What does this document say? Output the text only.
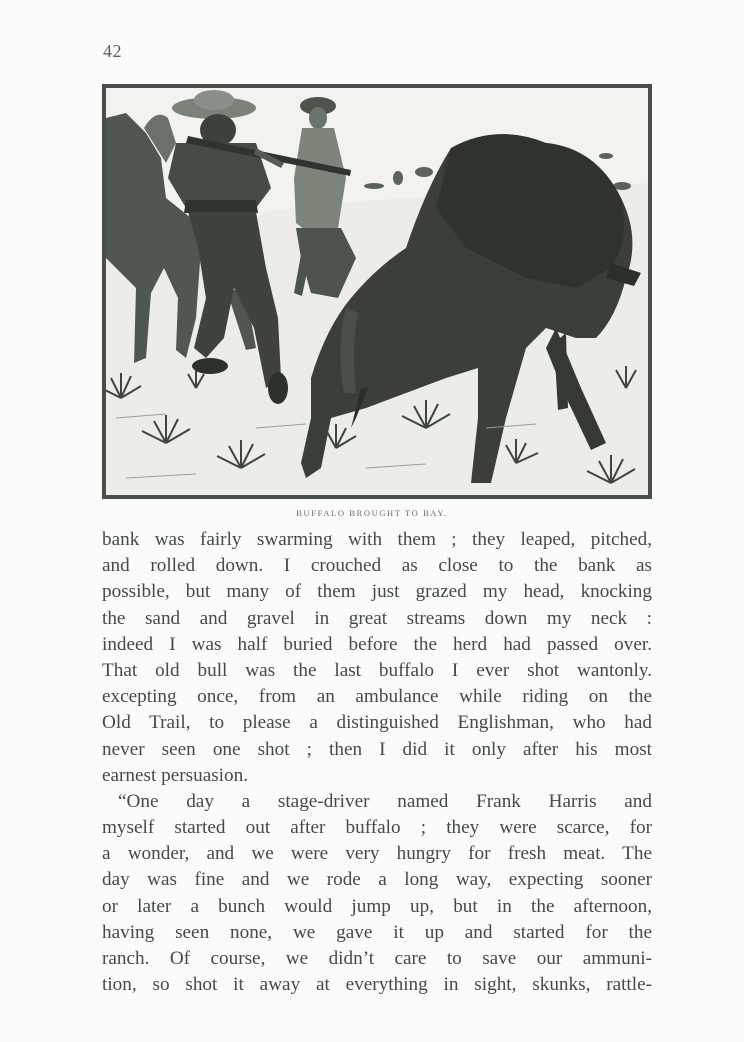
42
BUFFALO BROUGHT TO BAY.
bank was fairly swarming with them ; they leaped, pitched,
and rolled down. I crouched as close to the bank as
possible, but many of them just grazed my head, knocking
the sand and gravel in great streams down my neck :
indeed I was half buried before the herd had passed over.
That old bull was the last buffalo I ever shot wantonly.
excepting once, from an ambulance while riding on the
Old Trail, to please a distinguished Englishman, who had
never seen one shot ; then I did it only after his most
earnest persuasion.
“One day a stage-driver named Frank Harris and
myself started out after buffalo ; they were scarce, for
a wonder, and we were very hungry for fresh meat. The
day was fine and we rode a long way, expecting sooner
or later a bunch would jump up, but in the afternoon,
having seen none, we gave it up and started for the
ranch. Of course, we didn’t care to save our ammuni-
tion, so shot it away at everything in sight, skunks, rattle-
